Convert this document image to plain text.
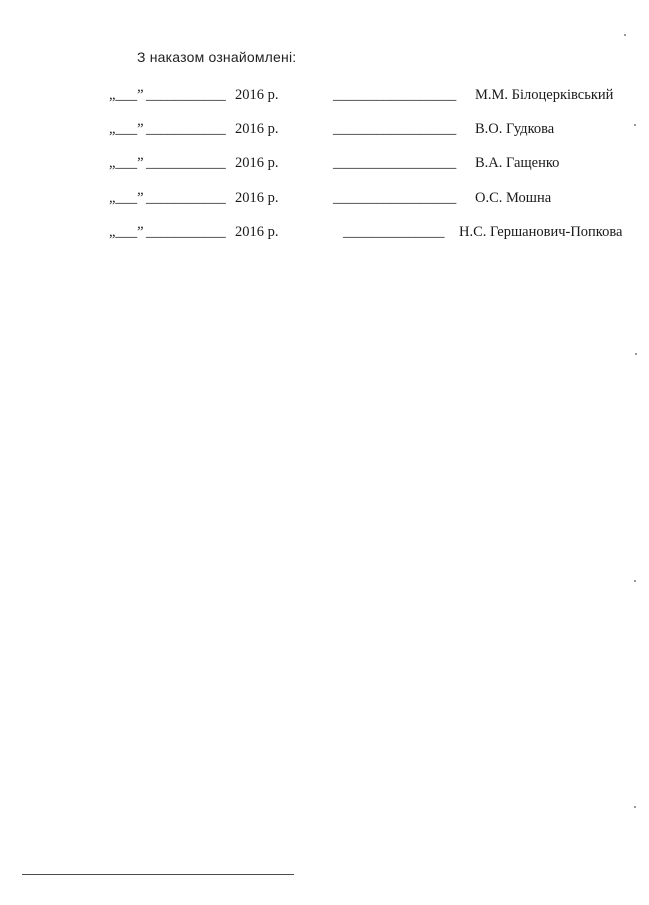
З наказом ознайомлені:
„___” ___________ 2016 р.	_________________ М.М. Білоцерківський
„___” ___________ 2016 р.	_________________ В.О. Гудкова
„___” ___________ 2016 р.	_________________ В.А. Гащенко
„___” ___________ 2016 р.	_________________ О.С. Мошна
„___” ___________ 2016 р.	______________ Н.С. Гершанович-Попкова
